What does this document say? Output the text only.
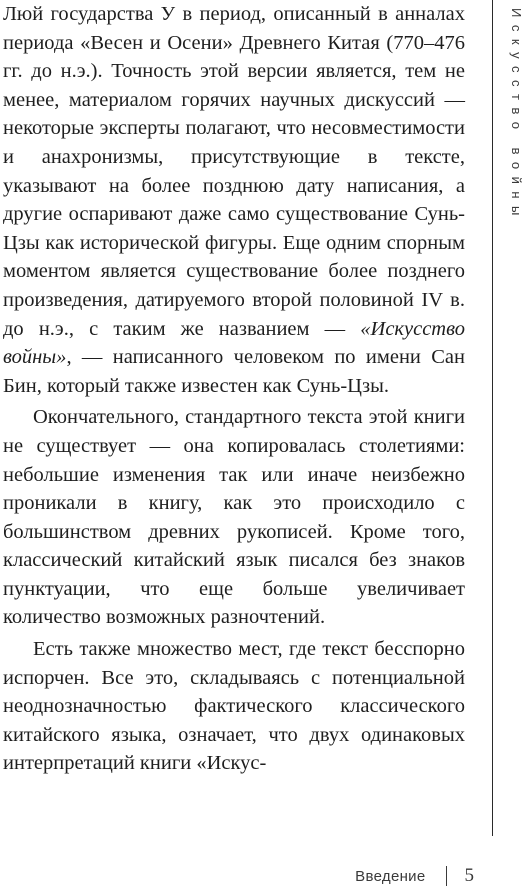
Люй государства У в период, описанный в анналах периода «Весен и Осени» Древнего Китая (770–476 гг. до н.э.). Точность этой версии является, тем не менее, материалом горячих научных дискуссий — некоторые эксперты полагают, что несовместимости и анахронизмы, присутствующие в тексте, указывают на более позднюю дату написания, а другие оспаривают даже само существование Сунь-Цзы как исторической фигуры. Еще одним спорным моментом является существование более позднего произведения, датируемого второй половиной IV в. до н.э., с таким же названием — «Искусство войны», — написанного человеком по имени Сан Бин, который также известен как Сунь-Цзы.

Окончательного, стандартного текста этой книги не существует — она копировалась столетиями: небольшие изменения так или иначе неизбежно проникали в книгу, как это происходило с большинством древних рукописей. Кроме того, классический китайский язык писался без знаков пунктуации, что еще больше увеличивает количество возможных разночтений.

Есть также множество мест, где текст бесспорно испорчен. Все это, складываясь с потенциальной неоднозначностью фактического классического китайского языка, означает, что двух одинаковых интерпретаций книги «Искус-

Искусство войны
Введение 5
